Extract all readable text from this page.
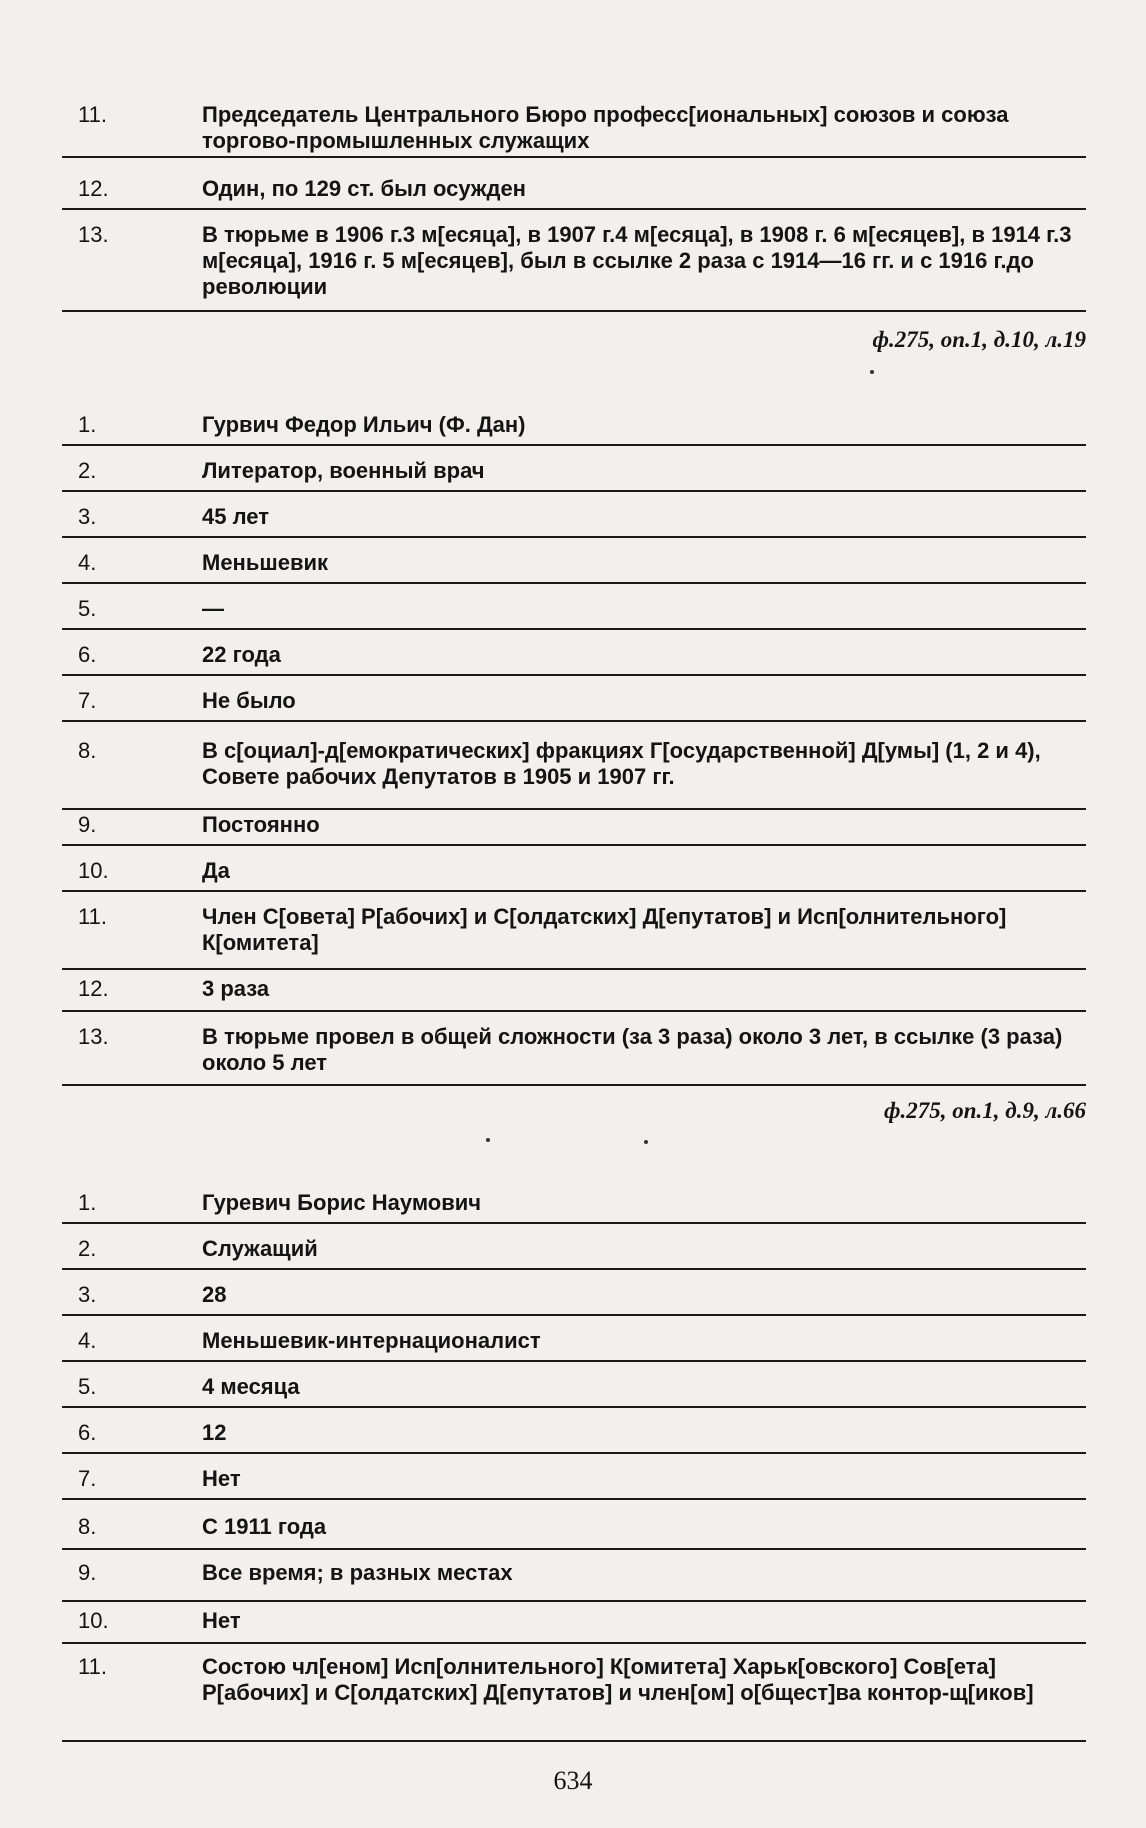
11.	Председатель Центрального Бюро професс[иональных] союзов и союза торгово-промышленных служащих
12.	Один, по 129 ст. был осужден
13.	В тюрьме в 1906 г.3 м[есяца], в 1907 г.4 м[есяца], в 1908 г. 6 м[есяцев], в 1914 г.3 м[есяца], 1916 г. 5 м[есяцев], был в ссылке 2 раза с 1914—16 гг. и с 1916 г.до революции
ф.275, оп.1, д.10, л.19
1.	Гурвич Федор Ильич (Ф. Дан)
2.	Литератор, военный врач
3.	45 лет
4.	Меньшевик
5.	—
6.	22 года
7.	Не было
8.	В с[оциал]-д[емократических] фракциях Г[осударственной] Д[умы] (1, 2 и 4), Совете рабочих Депутатов в 1905 и 1907 гг.
9.	Постоянно
10.	Да
11.	Член С[овета] Р[абочих] и С[олдатских] Д[епутатов] и Исп[олнительного] К[омитета]
12.	3 раза
13.	В тюрьме провел в общей сложности (за 3 раза) около 3 лет, в ссылке (3 раза) около 5 лет
ф.275, оп.1, д.9, л.66
1.	Гуревич Борис Наумович
2.	Служащий
3.	28
4.	Меньшевик-интернационалист
5.	4 месяца
6.	12
7.	Нет
8.	С 1911 года
9.	Все время; в разных местах
10.	Нет
11.	Состою чл[еном] Исп[олнительного] К[омитета] Харьк[овского] Сов[ета] Р[абочих] и С[олдатских] Д[епутатов] и член[ом] о[бщест]ва контор-щ[иков]
634
